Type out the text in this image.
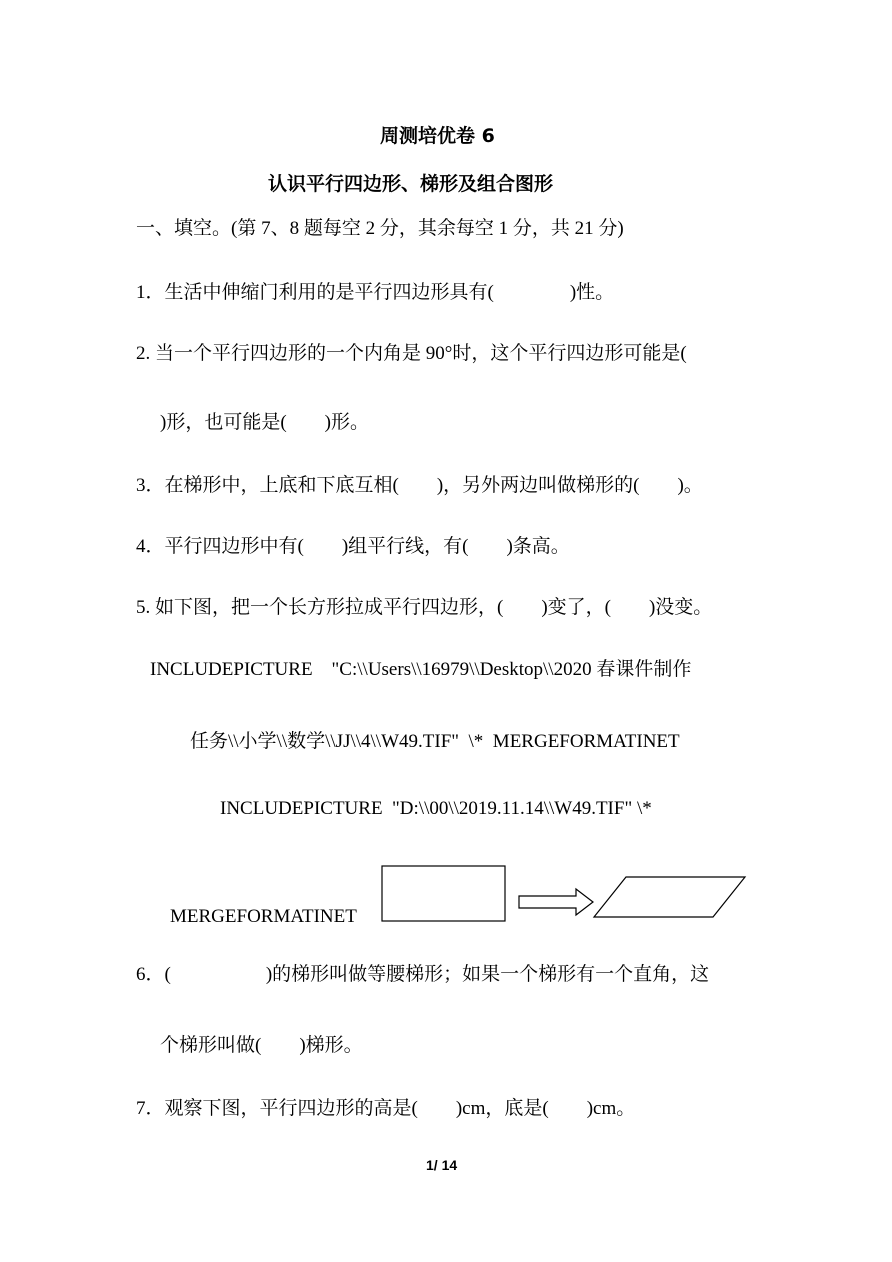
周测培优卷 6
认识平行四边形、梯形及组合图形
一、填空。(第 7、8 题每空 2 分，其余每空 1 分，共 21 分)
1．生活中伸缩门利用的是平行四边形具有(　　　　)性。
2. 当一个平行四边形的一个内角是 90°时，这个平行四边形可能是(
)形，也可能是(　　)形。
3．在梯形中，上底和下底互相(　　)，另外两边叫做梯形的(　　)。
4．平行四边形中有(　　)组平行线，有(　　)条高。
5. 如下图，把一个长方形拉成平行四边形，(　　)变了，(　　)没变。
INCLUDEPICTURE    "C:\\Users\\16979\\Desktop\\2020 春课件制作
任务\\小学\\数学\\JJ\\4\\W49.TIF"  \*  MERGEFORMATINET
INCLUDEPICTURE  "D:\\00\\2019.11.14\\W49.TIF" \*
MERGEFORMATINET
6．(　　　　　)的梯形叫做等腰梯形；如果一个梯形有一个直角，这
个梯形叫做(　　)梯形。
7．观察下图，平行四边形的高是(　　)cm，底是(　　)cm。
1/ 14
